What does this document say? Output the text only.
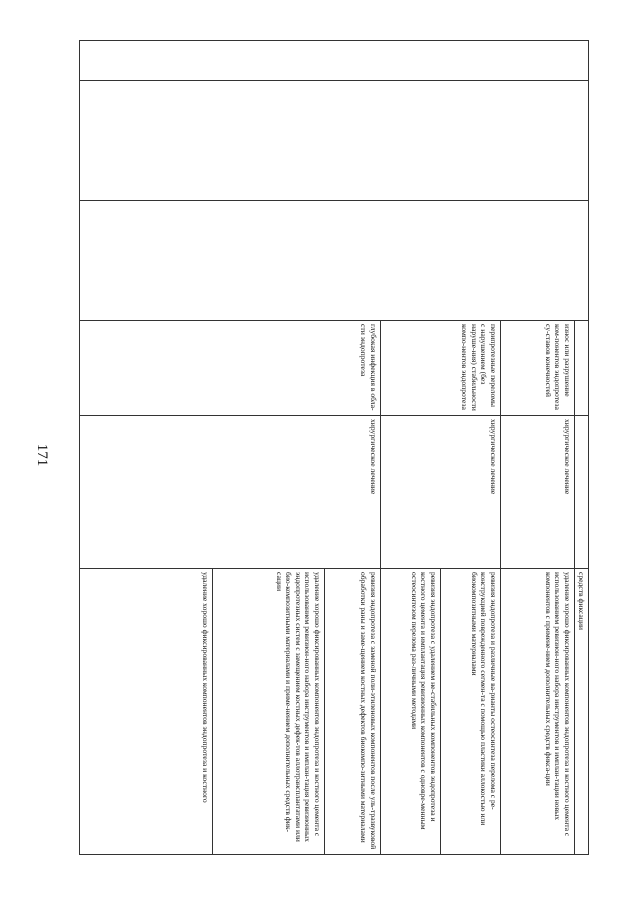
171
					средств фиксации
			износ или разрушение ком-понентов эндопротеза су-ставов конечностей	хирургическое лечение	удаление хорошо фиксированных компонентов эндопротеза и костного цемента с использованием ревизион-ного набора инструментов и имплан-тации новых компонентов с примене-нием дополнительных средств фикса-ции
			перипротезные переломы с нарушением (без наруше-ния) стабильности компо-нентов эндопротеза	хирургическое лечение	ревизия эндопротеза и различные ва-рианты остеосинтеза перелома с ре-конструкцией поврежденного сегмен-та с помощью пластики аллокостью или биокомпозитными материалами
					ревизия эндопротеза с удалением не-стабильных компонентов эндопротеза и костного цемента и имплантация ревизионных компонентов с одновре-менным остеосинтезом перелома раз-личными методами
			глубокая инфекция в обла-сти эндопротеза	хирургическое лечение	ревизия эндопротеза с заменой поли-этиленовых компонентов после уль-тразвуковой обработки раны и заме-щением костных дефектов биокомпо-зитными материалами
					удаление хорошо фиксированных компонентов эндопротеза и костного цемента с использованием ревизион-ного набора инструментов и имплан-тация ревизионных эндопротезных систем с замещением костных дефек-тов аллотрансплантатами или био-композитными материалами и приме-нением дополнительных средств фик-сации
					удаление хорошо фиксированных компонентов эндопротеза и костного
